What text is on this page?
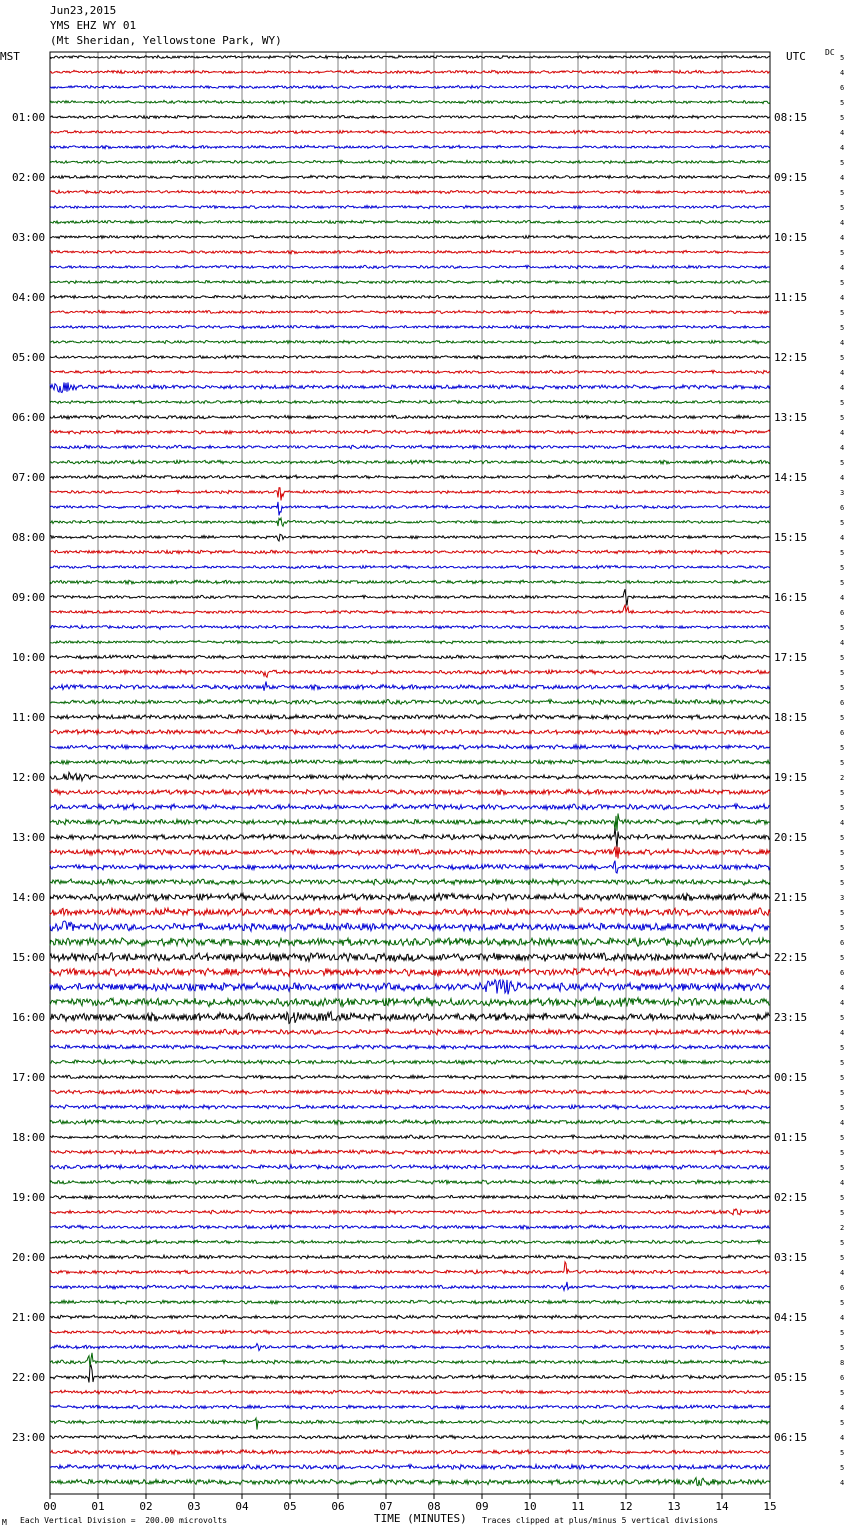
Jun23,2015
YMS EHZ WY 01
(Mt Sheridan, Yellowstone Park, WY)
MST	UTC DC
5
4
6
5
5
4
4
5
4
5
5
4
4
5
4
5
4
5
5
4
5
4
4
5
5
4
4
5
4
3
6
5
4
5
5
5
4
6
5
4
5
5
5
6
5
6
5
5
2
5
5
4
5
5
5
5
3
5
5
6
5
6
4
4
5
4
5
5
5
5
5
4
5
5
5
4
5
5
2
5
5
4
6
5
4
5
5
8
6
5
4
5
4
5
5
4
01:00	08:15
02:00	09:15
03:00	10:15
04:00	11:15
05:00	12:15
06:00	13:15
07:00	14:15
08:00	15:15
09:00	16:15
10:00	17:15
11:00	18:15
12:00	19:15
13:00	20:15
14:00	21:15
15:00	22:15
16:00	23:15
17:00	00:15
18:00	01:15
19:00	02:15
20:00	03:15
21:00	04:15
22:00	05:15
23:00	06:15
00	01	02	03	04	05	06	07	08	09	10	11	12	13	14	15
M Each Vertical Division =  200.00 microvolts	TIME (MINUTES) Traces clipped at plus/minus 5 vertical divisions
